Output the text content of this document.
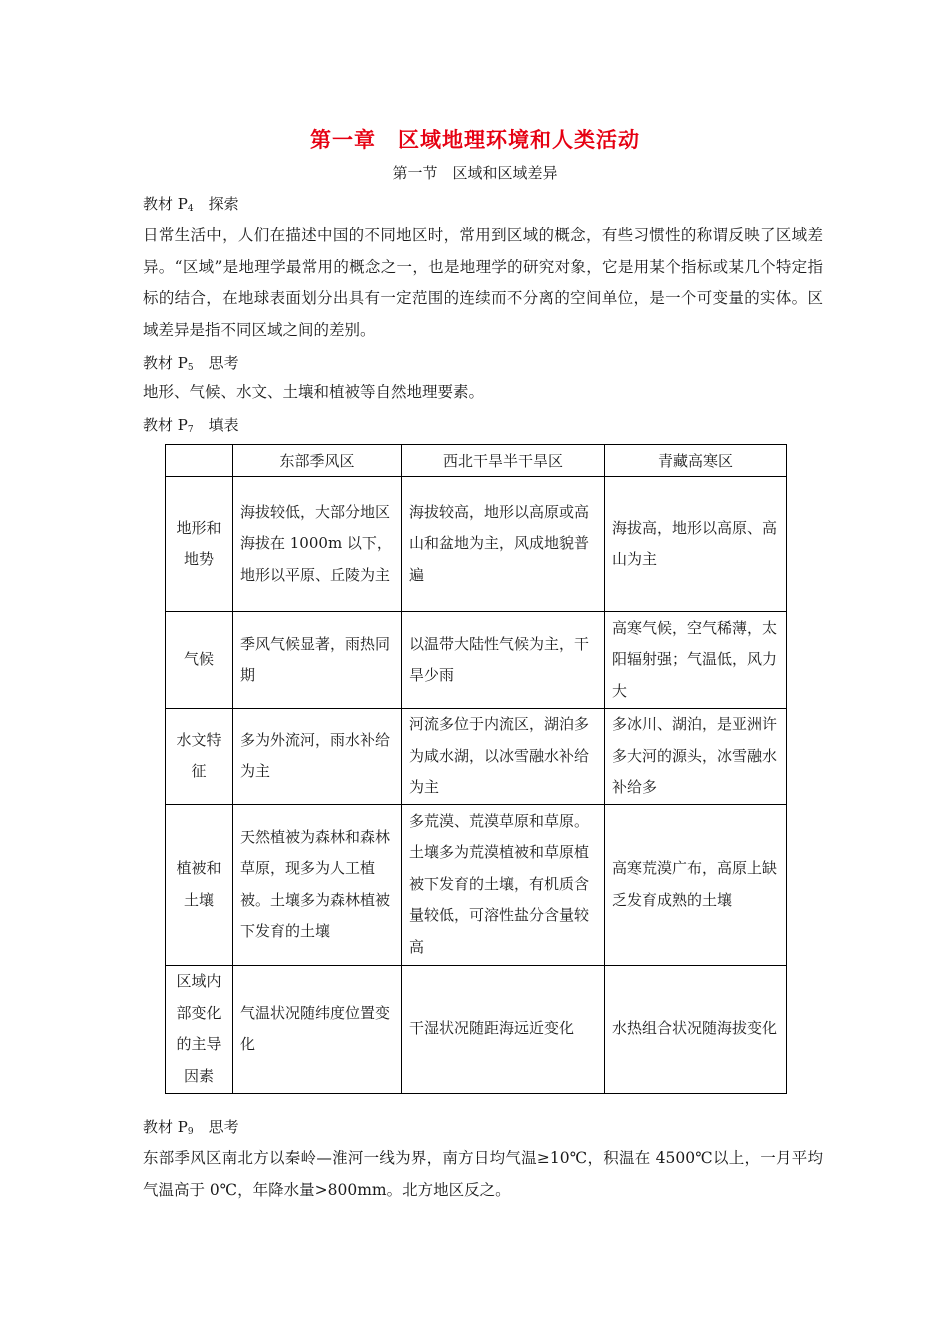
第一章　区域地理环境和人类活动
第一节　区域和区域差异
教材 $P_4$　探索
日常生活中，人们在描述中国的不同地区时，常用到区域的概念，有些习惯性的称谓反映了区域差异。“区域”是地理学最常用的概念之一，也是地理学的研究对象，它是用某个指标或某几个特定指标的结合，在地球表面划分出具有一定范围的连续而不分离的空间单位，是一个可变量的实体。区域差异是指不同区域之间的差别。
教材 $P_5$　思考
地形、气候、水文、土壤和植被等自然地理要素。
教材 $P_7$　填表
	东部季风区	西北干旱半干旱区	青藏高寒区
地形和地势	海拔较低，大部分地区海拔在 1000m 以下，地形以平原、丘陵为主	海拔较高，地形以高原或高山和盆地为主，风成地貌普遍	海拔高，地形以高原、高山为主
气候	季风气候显著，雨热同期	以温带大陆性气候为主，干旱少雨	高寒气候，空气稀薄，太阳辐射强；气温低，风力大
水文特征	多为外流河，雨水补给为主	河流多位于内流区，湖泊多为咸水湖，以冰雪融水补给为主	多冰川、湖泊，是亚洲许多大河的源头，冰雪融水补给多
植被和土壤	天然植被为森林和森林草原，现多为人工植被。土壤多为森林植被下发育的土壤	多荒漠、荒漠草原和草原。土壤多为荒漠植被和草原植被下发育的土壤，有机质含量较低，可溶性盐分含量较高	高寒荒漠广布，高原上缺乏发育成熟的土壤
区域内部变化的主导因素	气温状况随纬度位置变化	干湿状况随距海远近变化	水热组合状况随海拔变化
教材 $P_9$　思考
东部季风区南北方以秦岭—淮河一线为界，南方日均气温≥10℃，积温在 4500℃以上，一月平均气温高于 0℃，年降水量>800mm。北方地区反之。
